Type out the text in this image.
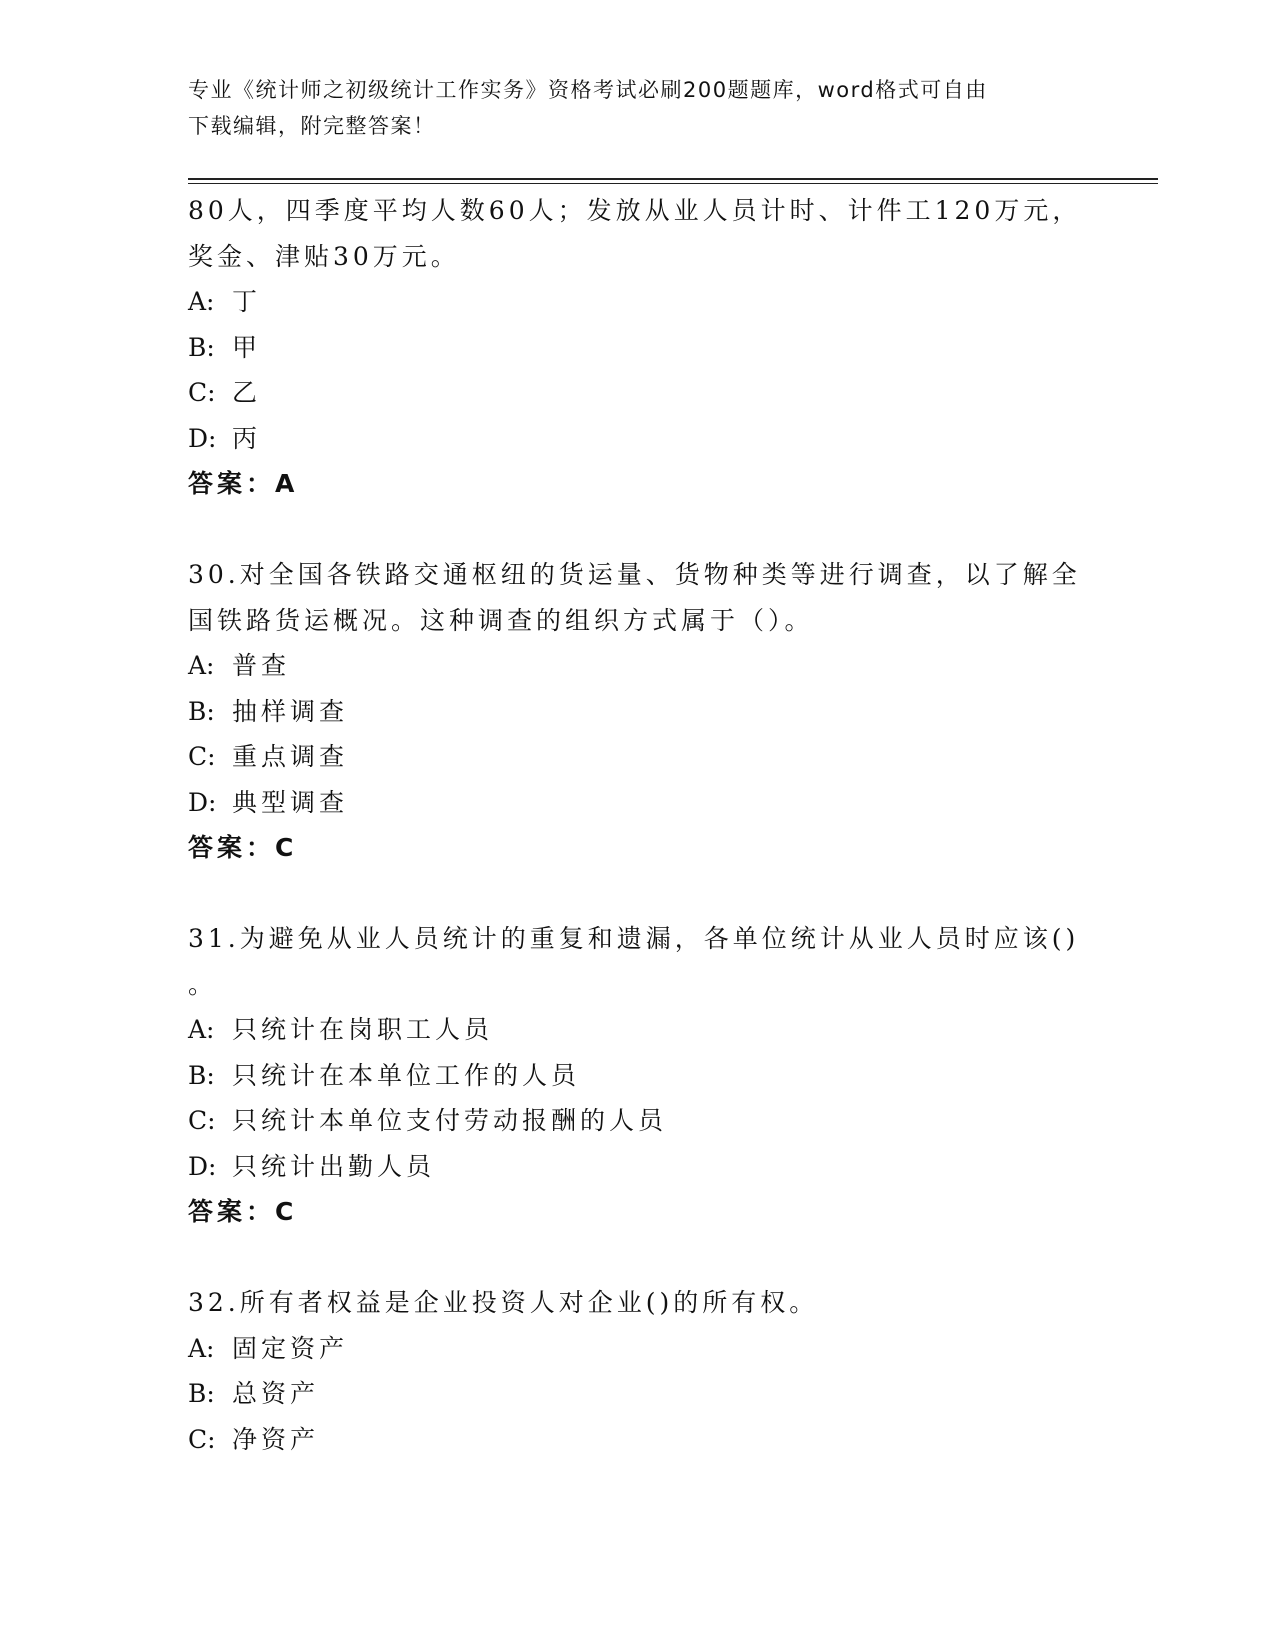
专业《统计师之初级统计工作实务》资格考试必刷200题题库，word格式可自由
下载编辑，附完整答案！
80人，四季度平均人数60人；发放从业人员计时、计件工120万元，
奖金、津贴30万元。
A: 丁
B: 甲
C: 乙
D: 丙
答案：A
30.对全国各铁路交通枢纽的货运量、货物种类等进行调查，以了解全
国铁路货运概况。这种调查的组织方式属于（）。
A: 普查
B: 抽样调查
C: 重点调查
D: 典型调查
答案：C
31.为避免从业人员统计的重复和遗漏，各单位统计从业人员时应该()
。
A: 只统计在岗职工人员
B: 只统计在本单位工作的人员
C: 只统计本单位支付劳动报酬的人员
D: 只统计出勤人员
答案：C
32.所有者权益是企业投资人对企业()的所有权。
A: 固定资产
B: 总资产
C: 净资产
